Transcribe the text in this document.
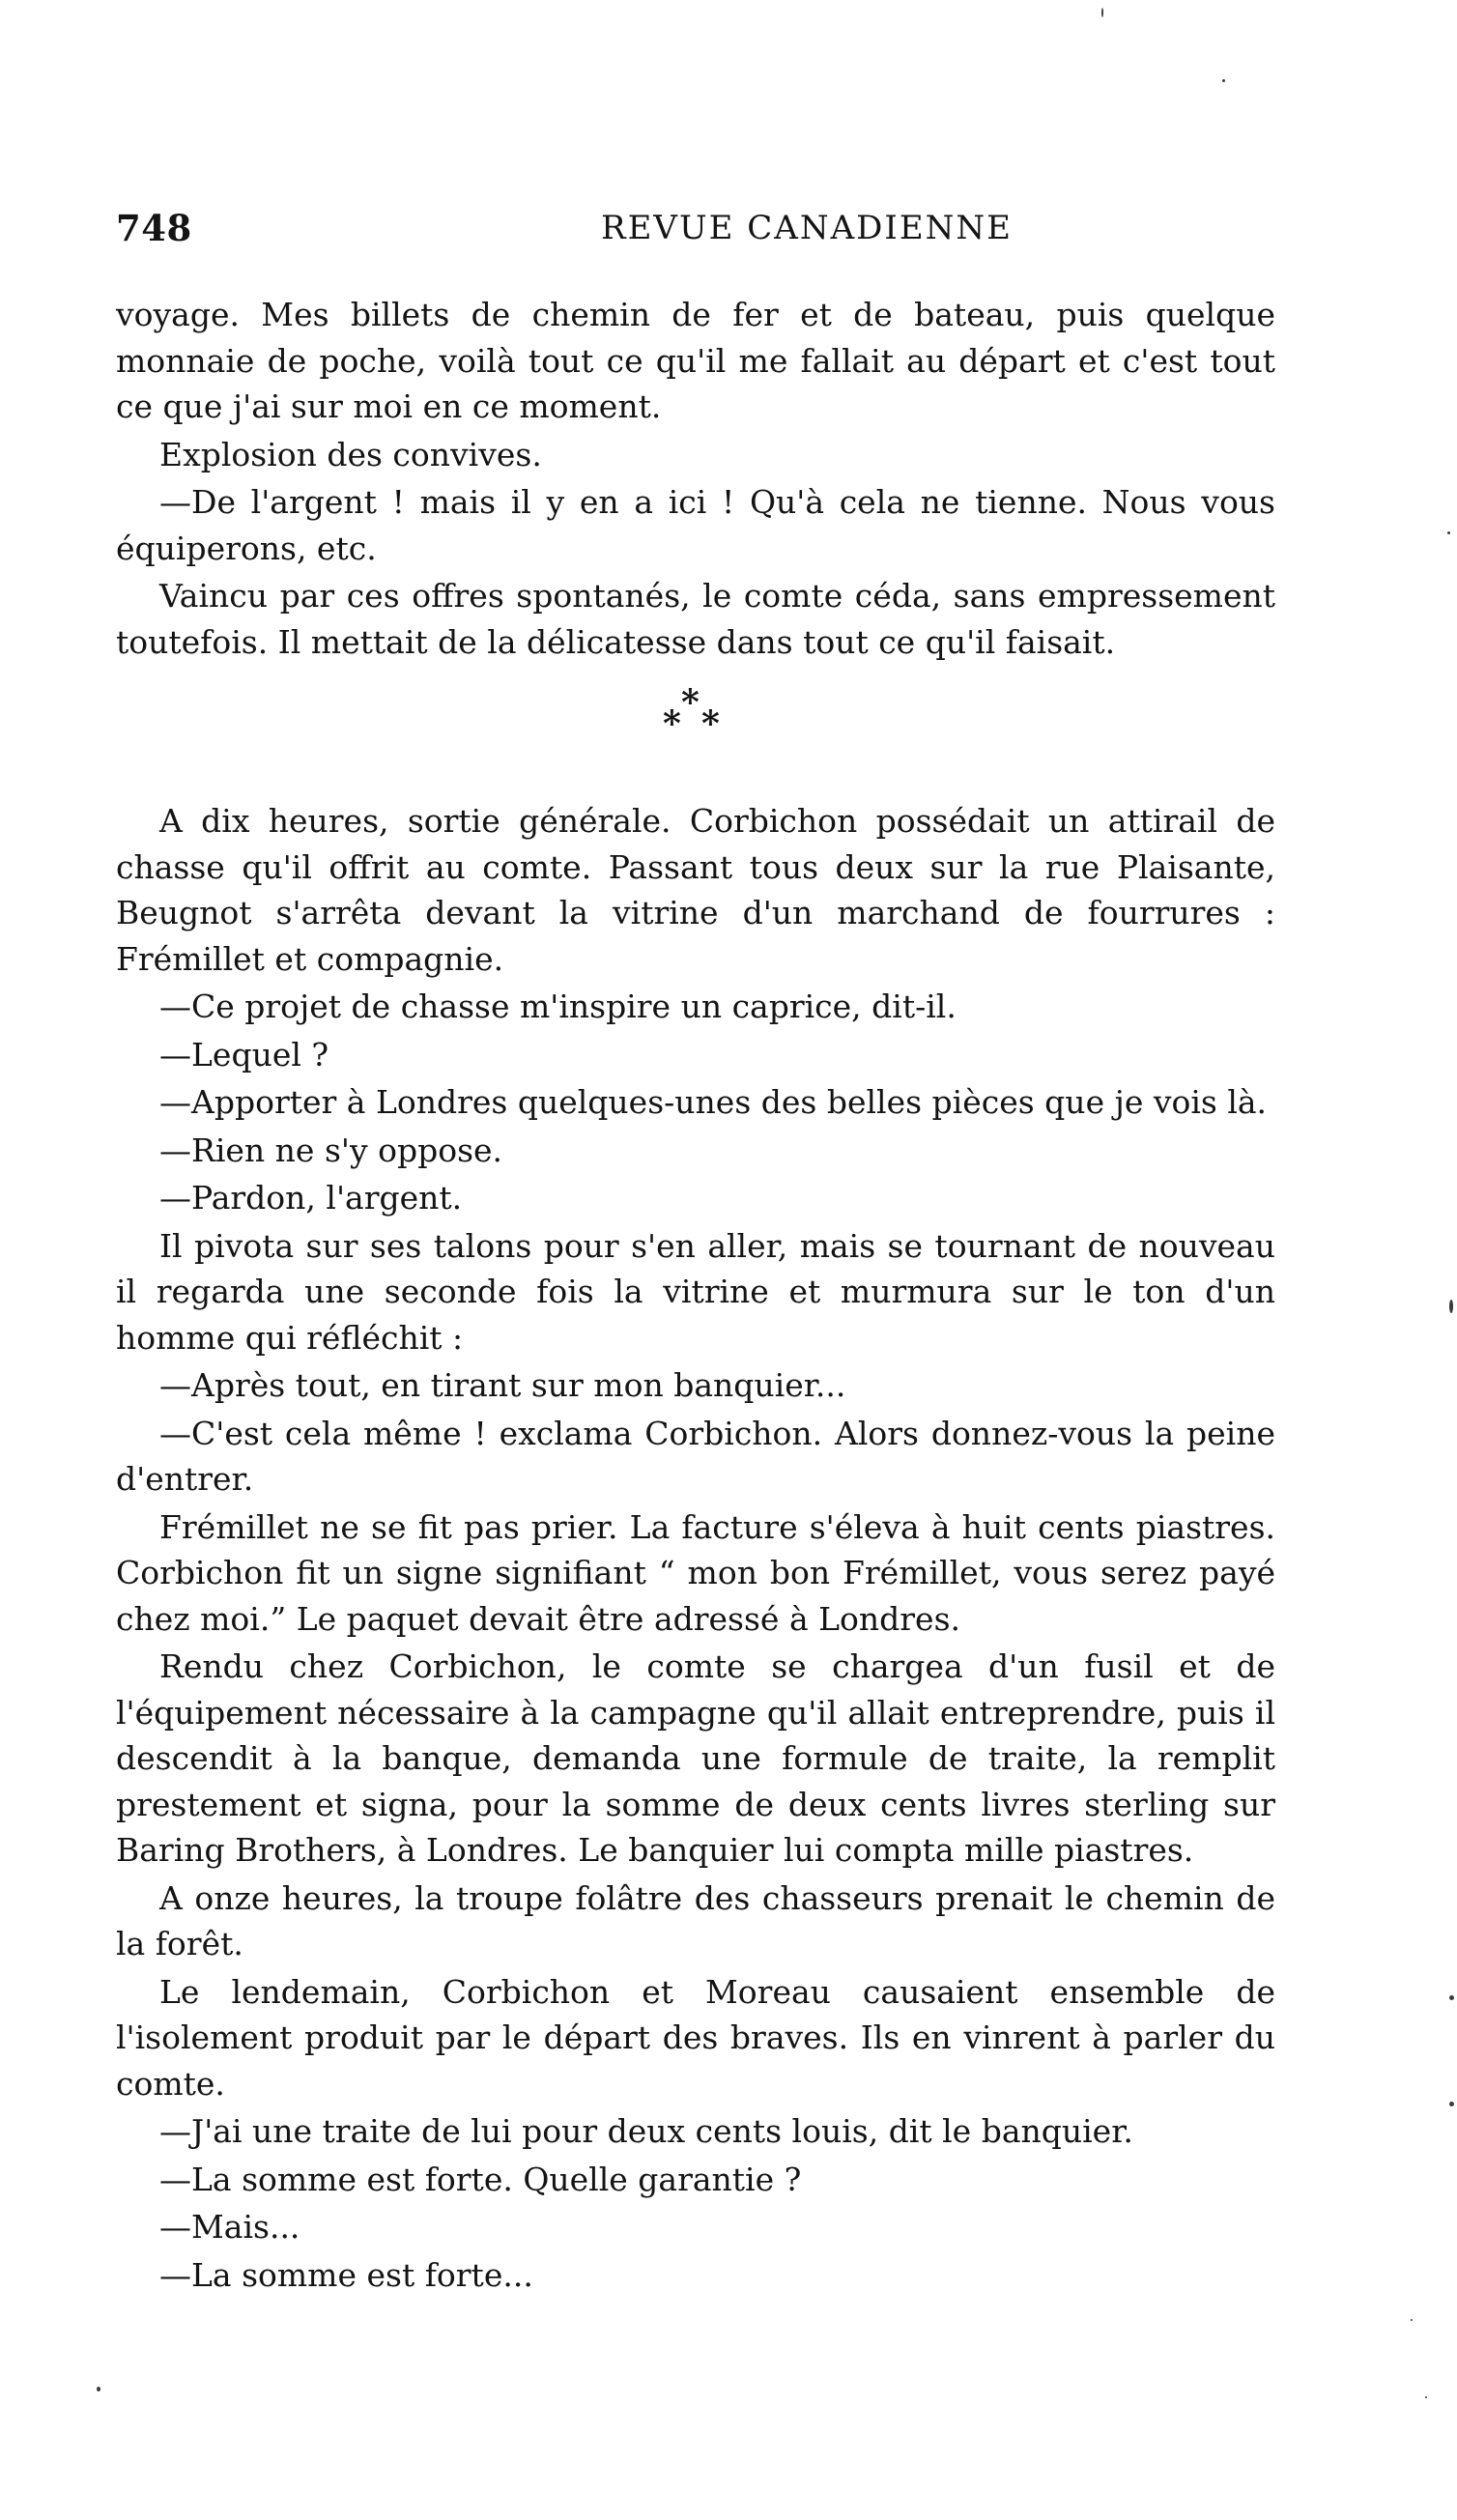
748	REVUE CANADIENNE

voyage. Mes billets de chemin de fer et de bateau, puis quelque monnaie de poche, voilà tout ce qu'il me fallait au départ et c'est tout ce que j'ai sur moi en ce moment.

Explosion des convives.

—De l'argent ! mais il y en a ici ! Qu'à cela ne tienne. Nous vous équiperons, etc.

Vaincu par ces offres spontanés, le comte céda, sans empressement toutefois. Il mettait de la délicatesse dans tout ce qu'il faisait.

*
* *

A dix heures, sortie générale. Corbichon possédait un attirail de chasse qu'il offrit au comte. Passant tous deux sur la rue Plaisante, Beugnot s'arrêta devant la vitrine d'un marchand de fourrures : Frémillet et compagnie.

—Ce projet de chasse m'inspire un caprice, dit-il.

—Lequel ?

—Apporter à Londres quelques-unes des belles pièces que je vois là.

—Rien ne s'y oppose.

—Pardon, l'argent.

Il pivota sur ses talons pour s'en aller, mais se tournant de nouveau il regarda une seconde fois la vitrine et murmura sur le ton d'un homme qui réfléchit :

—Après tout, en tirant sur mon banquier...

—C'est cela même ! exclama Corbichon. Alors donnez-vous la peine d'entrer.

Frémillet ne se fit pas prier. La facture s'éleva à huit cents piastres. Corbichon fit un signe signifiant “ mon bon Frémillet, vous serez payé chez moi.” Le paquet devait être adressé à Londres.

Rendu chez Corbichon, le comte se chargea d'un fusil et de l'équipement nécessaire à la campagne qu'il allait entreprendre, puis il descendit à la banque, demanda une formule de traite, la remplit prestement et signa, pour la somme de deux cents livres sterling sur Baring Brothers, à Londres. Le banquier lui compta mille piastres.

A onze heures, la troupe folâtre des chasseurs prenait le chemin de la forêt.

Le lendemain, Corbichon et Moreau causaient ensemble de l'isolement produit par le départ des braves. Ils en vinrent à parler du comte.

—J'ai une traite de lui pour deux cents louis, dit le banquier.

—La somme est forte. Quelle garantie ?

—Mais...

—La somme est forte...
